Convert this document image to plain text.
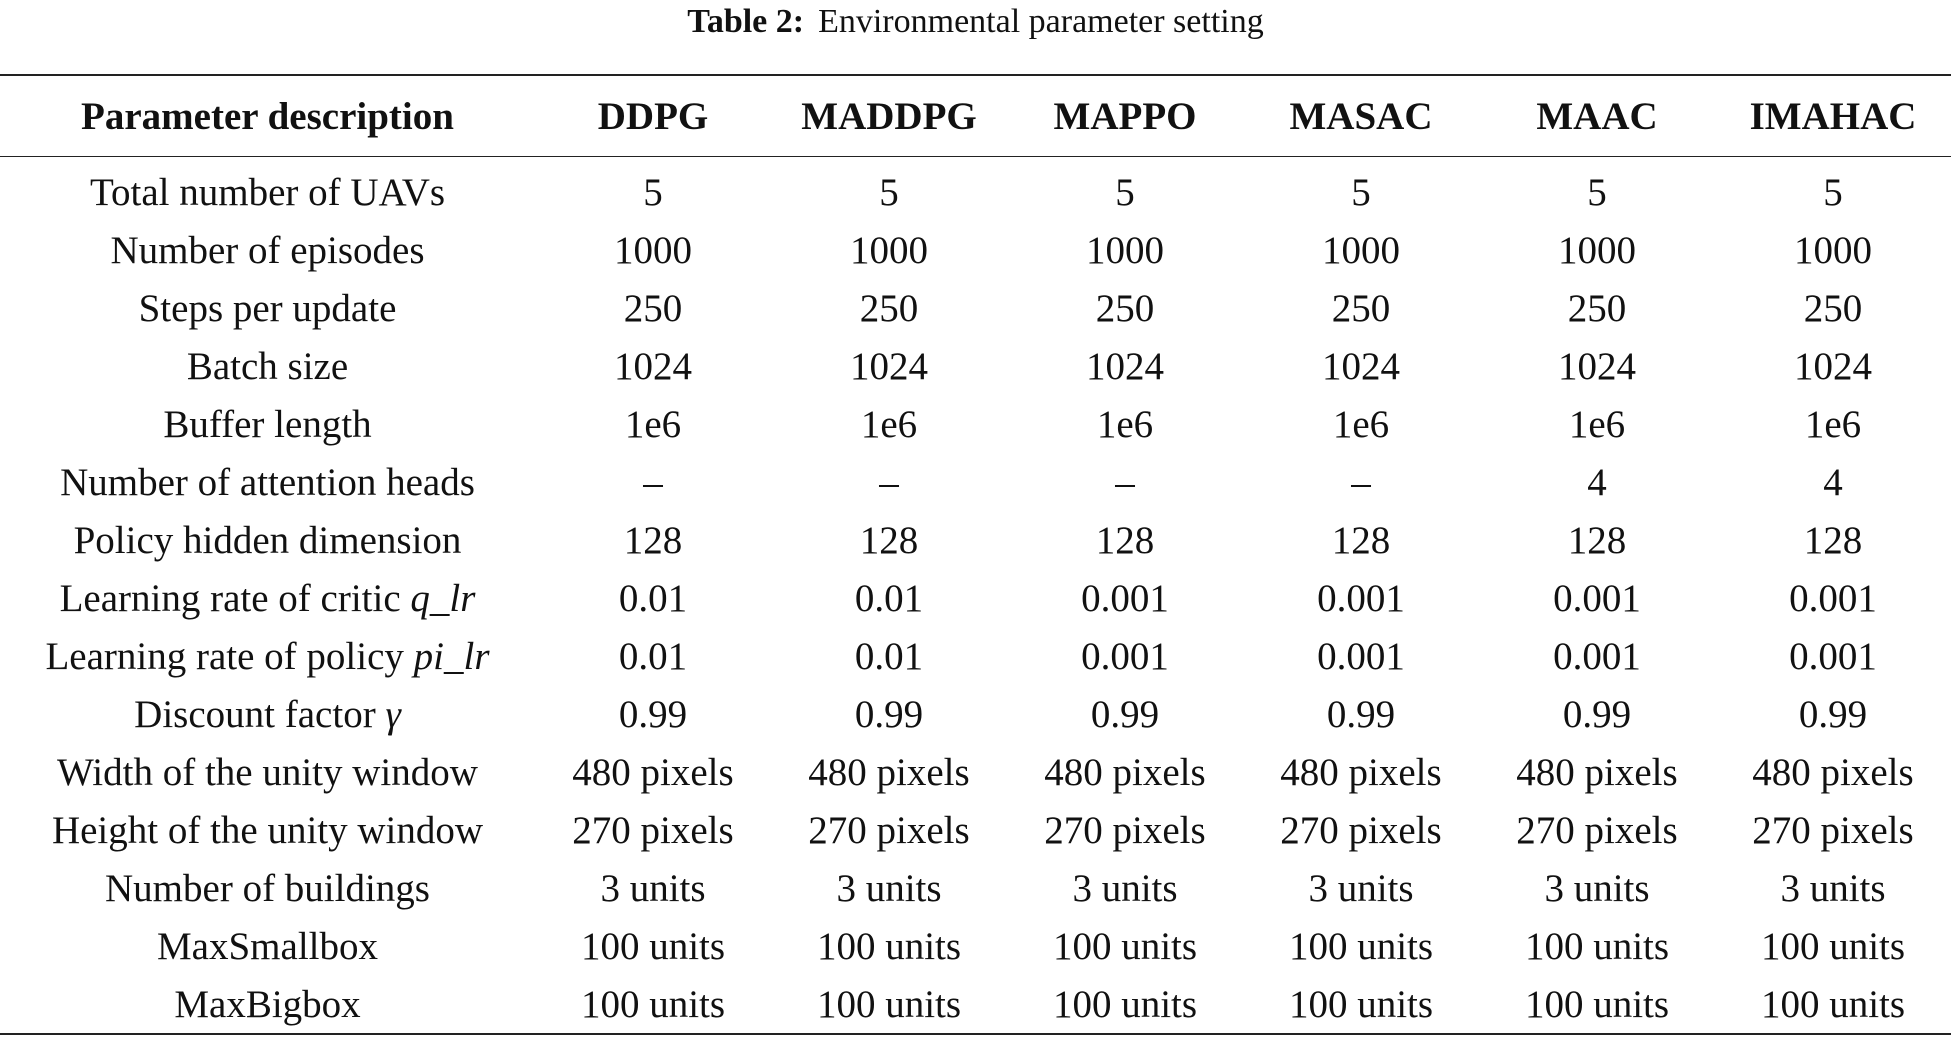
Table 2: Environmental parameter setting
Parameter description	DDPG	MADDPG	MAPPO	MASAC	MAAC	IMAHAC
Total number of UAVs	5	5	5	5	5	5
Number of episodes	1000	1000	1000	1000	1000	1000
Steps per update	250	250	250	250	250	250
Batch size	1024	1024	1024	1024	1024	1024
Buffer length	1e6	1e6	1e6	1e6	1e6	1e6
Number of attention heads	–	–	–	–	4	4
Policy hidden dimension	128	128	128	128	128	128
Learning rate of critic q_lr	0.01	0.01	0.001	0.001	0.001	0.001
Learning rate of policy pi_lr	0.01	0.01	0.001	0.001	0.001	0.001
Discount factor γ	0.99	0.99	0.99	0.99	0.99	0.99
Width of the unity window	480 pixels	480 pixels	480 pixels	480 pixels	480 pixels	480 pixels
Height of the unity window	270 pixels	270 pixels	270 pixels	270 pixels	270 pixels	270 pixels
Number of buildings	3 units	3 units	3 units	3 units	3 units	3 units
MaxSmallbox	100 units	100 units	100 units	100 units	100 units	100 units
MaxBigbox	100 units	100 units	100 units	100 units	100 units	100 units
